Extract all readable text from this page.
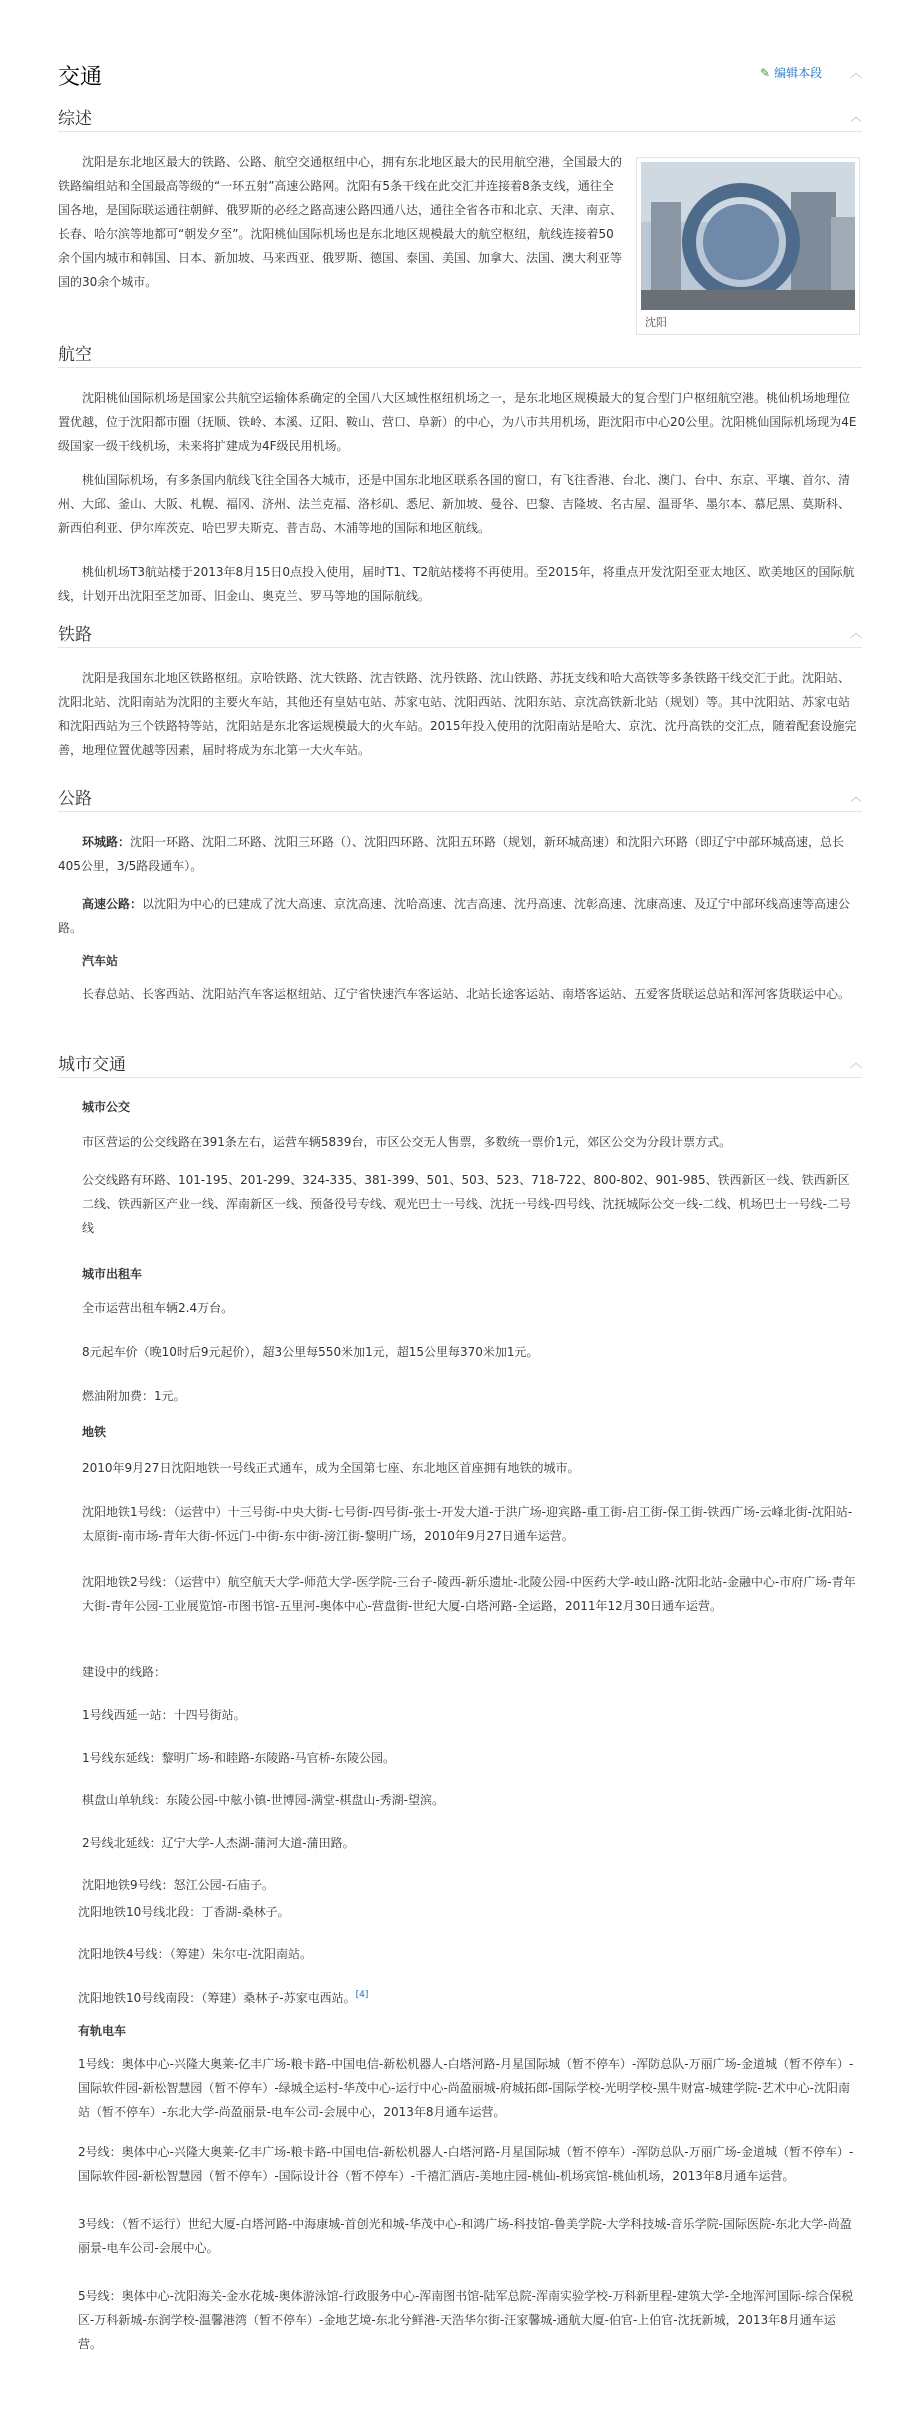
交通	✎ 编辑本段 ︿
综述	︿

沈阳是东北地区最大的铁路、公路、航空交通枢纽中心，拥有东北地区最大的民用航空港，全国最大的铁路编组站和全国最高等级的“一环五射”高速公路网。沈阳有5条干线在此交汇并连接着8条支线，通往全国各地，是国际联运通往朝鲜、俄罗斯的必经之路高速公路四通八达，通往全省各市和北京、天津、南京、长春、哈尔滨等地都可“朝发夕至”。沈阳桃仙国际机场也是东北地区规模最大的航空枢纽，航线连接着50余个国内城市和韩国、日本、新加坡、马来西亚、俄罗斯、德国、泰国、美国、加拿大、法国、澳大利亚等国的30余个城市。

沈阳
航空

沈阳桃仙国际机场是国家公共航空运输体系确定的全国八大区域性枢纽机场之一，是东北地区规模最大的复合型门户枢纽航空港。桃仙机场地理位置优越，位于沈阳都市圈（抚顺、铁岭、本溪、辽阳、鞍山、营口、阜新）的中心，为八市共用机场，距沈阳市中心20公里。沈阳桃仙国际机场现为4E级国家一级干线机场，未来将扩建成为4F级民用机场。

桃仙国际机场，有多条国内航线飞往全国各大城市，还是中国东北地区联系各国的窗口，有飞往香港、台北、澳门、台中、东京、平壤、首尔、清州、大邱、釜山、大阪、札幌、福冈、济州、法兰克福、洛杉矶、悉尼、新加坡、曼谷、巴黎、吉隆坡、名古屋、温哥华、墨尔本、慕尼黑、莫斯科、新西伯利亚、伊尔库茨克、哈巴罗夫斯克、普吉岛、木浦等地的国际和地区航线。

桃仙机场T3航站楼于2013年8月15日0点投入使用，届时T1、T2航站楼将不再使用。至2015年，将重点开发沈阳至亚太地区、欧美地区的国际航线，计划开出沈阳至芝加哥、旧金山、奥克兰、罗马等地的国际航线。

铁路	︿

沈阳是我国东北地区铁路枢纽。京哈铁路、沈大铁路、沈吉铁路、沈丹铁路、沈山铁路、苏抚支线和哈大高铁等多条铁路干线交汇于此。沈阳站、沈阳北站、沈阳南站为沈阳的主要火车站，其他还有皇姑屯站、苏家屯站、沈阳西站、沈阳东站、京沈高铁新北站（规划）等。其中沈阳站、苏家屯站和沈阳西站为三个铁路特等站，沈阳站是东北客运规模最大的火车站。2015年投入使用的沈阳南站是哈大、京沈、沈丹高铁的交汇点，随着配套设施完善，地理位置优越等因素，届时将成为东北第一大火车站。

公路	︿

环城路：沈阳一环路、沈阳二环路、沈阳三环路（）、沈阳四环路、沈阳五环路（规划，新环城高速）和沈阳六环路（即辽宁中部环城高速，总长405公里，3/5路段通车）。

高速公路：以沈阳为中心的已建成了沈大高速、京沈高速、沈哈高速、沈吉高速、沈丹高速、沈彰高速、沈康高速、及辽宁中部环线高速等高速公路。

汽车站

长春总站、长客西站、沈阳站汽车客运枢纽站、辽宁省快速汽车客运站、北站长途客运站、南塔客运站、五爱客货联运总站和浑河客货联运中心。

城市交通	︿
城市公交

市区营运的公交线路在391条左右，运营车辆5839台，市区公交无人售票，多数统一票价1元，郊区公交为分段计票方式。

公交线路有环路、101-195、201-299、324-335、381-399、501、503、523、718-722、800-802、901-985、铁西新区一线、铁西新区二线、铁西新区产业一线、浑南新区一线、预备役号专线、观光巴士一号线、沈抚一号线-四号线、沈抚城际公交一线-二线、机场巴士一号线-二号线

城市出租车

全市运营出租车辆2.4万台。

8元起车价（晚10时后9元起价），超3公里每550米加1元，超15公里每370米加1元。

燃油附加费：1元。

地铁

2010年9月27日沈阳地铁一号线正式通车，成为全国第七座、东北地区首座拥有地铁的城市。

沈阳地铁1号线：（运营中）十三号街-中央大街-七号街-四号街-张士-开发大道-于洪广场-迎宾路-重工街-启工街-保工街-铁西广场-云峰北街-沈阳站-太原街-南市场-青年大街-怀远门-中街-东中街-滂江街-黎明广场，2010年9月27日通车运营。

沈阳地铁2号线：（运营中）航空航天大学-师范大学-医学院-三台子-陵西-新乐遗址-北陵公园-中医药大学-岐山路-沈阳北站-金融中心-市府广场-青年大街-青年公园-工业展览馆-市图书馆-五里河-奥体中心-营盘街-世纪大厦-白塔河路-全运路，2011年12月30日通车运营。

建设中的线路：

1号线西延一站：十四号街站。

1号线东延线：黎明广场-和睦路-东陵路-马官桥-东陵公园。

棋盘山单轨线：东陵公园-中舷小镇-世博园-满堂-棋盘山-秀湖-望滨。

2号线北延线：辽宁大学-人杰湖-蒲河大道-蒲田路。

沈阳地铁9号线：怒江公园-石庙子。

沈阳地铁10号线北段：丁香湖-桑林子。

沈阳地铁4号线：（筹建）朱尔屯-沈阳南站。

沈阳地铁10号线南段：（筹建）桑林子-苏家屯西站。[4]

有轨电车

1号线：奥体中心-兴隆大奥莱-亿丰广场-粮卡路-中国电信-新松机器人-白塔河路-月星国际城（暂不停车）-浑防总队-万丽广场-金道城（暂不停车）-国际软件园-新松智慧园（暂不停车）-绿城全运村-华茂中心-运行中心-尚盈丽城-府城拓郎-国际学校-光明学校-黑牛财富-城建学院-艺术中心-沈阳南站（暂不停车）-东北大学-尚盈丽景-电车公司-会展中心，2013年8月通车运营。

2号线：奥体中心-兴隆大奥莱-亿丰广场-粮卡路-中国电信-新松机器人-白塔河路-月星国际城（暂不停车）-浑防总队-万丽广场-金道城（暂不停车）-国际软件园-新松智慧园（暂不停车）-国际设计谷（暂不停车）-千禧汇酒店-美地庄园-桃仙-机场宾馆-桃仙机场，2013年8月通车运营。

3号线：（暂不运行）世纪大厦-白塔河路-中海康城-首创光和城-华茂中心-和鸿广场-科技馆-鲁美学院-大学科技城-音乐学院-国际医院-东北大学-尚盈丽景-电车公司-会展中心。

5号线：奥体中心-沈阳海关-金水花城-奥体游泳馆-行政服务中心-浑南图书馆-陆军总院-浑南实验学校-万科新里程-建筑大学-全地浑河国际-综合保税区-万科新城-东润学校-温馨港湾（暂不停车）-金地艺境-东北兮鲜港-天浩华尔街-汪家馨城-通航大厦-伯官-上伯官-沈抚新城，2013年8月通车运营。
